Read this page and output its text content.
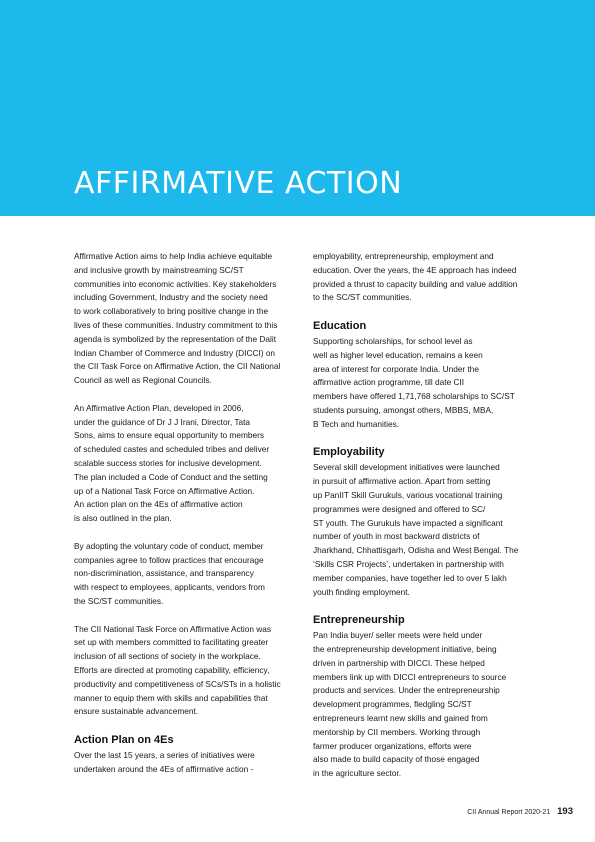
AFFIRMATIVE ACTION

Affirmative Action aims to help India achieve equitable
and inclusive growth by mainstreaming SC/ST
communities into economic activities. Key stakeholders
including Government, Industry and the society need
to work collaboratively to bring positive change in the
lives of these communities. Industry commitment to this
agenda is symbolized by the representation of the Dalit
Indian Chamber of Commerce and Industry (DICCI) on
the CII Task Force on Affirmative Action, the CII National
Council as well as Regional Councils.

An Affirmative Action Plan, developed in 2006,
under the guidance of Dr J J Irani, Director, Tata
Sons, aims to ensure equal opportunity to members
of scheduled castes and scheduled tribes and deliver
scalable success stories for inclusive development.
The plan included a Code of Conduct and the setting
up of a National Task Force on Affirmative Action.
An action plan on the 4Es of affirmative action
is also outlined in the plan.

By adopting the voluntary code of conduct, member
companies agree to follow practices that encourage
non-discrimination, assistance, and transparency
with respect to employees, applicants, vendors from
the SC/ST communities.

The CII National Task Force on Affirmative Action was
set up with members committed to facilitating greater
inclusion of all sections of society in the workplace.
Efforts are directed at promoting capability, efficiency,
productivity and competitiveness of SCs/STs in a holistic
manner to equip them with skills and capabilities that
ensure sustainable advancement.

Action Plan on 4Es

Over the last 15 years, a series of initiatives were
undertaken around the 4Es of affirmative action -

employability, entrepreneurship, employment and
education. Over the years, the 4E approach has indeed
provided a thrust to capacity building and value addition
to the SC/ST communities.

Education

Supporting scholarships, for school level as
well as higher level education, remains a keen
area of interest for corporate India. Under the
affirmative action programme, till date CII
members have offered 1,71,768 scholarships to SC/ST
students pursuing, amongst others, MBBS, MBA,
B Tech and humanities.

Employability

Several skill development initiatives were launched
in pursuit of affirmative action. Apart from setting
up PanIIT Skill Gurukuls, various vocational training
programmes were designed and offered to SC/
ST youth. The Gurukuls have impacted a significant
number of youth in most backward districts of
Jharkhand, Chhattisgarh, Odisha and West Bengal. The
‘Skills CSR Projects’, undertaken in partnership with
member companies, have together led to over 5 lakh
youth finding employment.

Entrepreneurship

Pan India buyer/ seller meets were held under
the entrepreneurship development initiative, being
driven in partnership with DICCI. These helped
members link up with DICCI entrepreneurs to source
products and services. Under the entrepreneurship
development programmes, fledgling SC/ST
entrepreneurs learnt new skills and gained from
mentorship by CII members. Working through
farmer producer organizations, efforts were
also made to build capacity of those engaged
in the agriculture sector.

CII Annual Report 2020-21 193
